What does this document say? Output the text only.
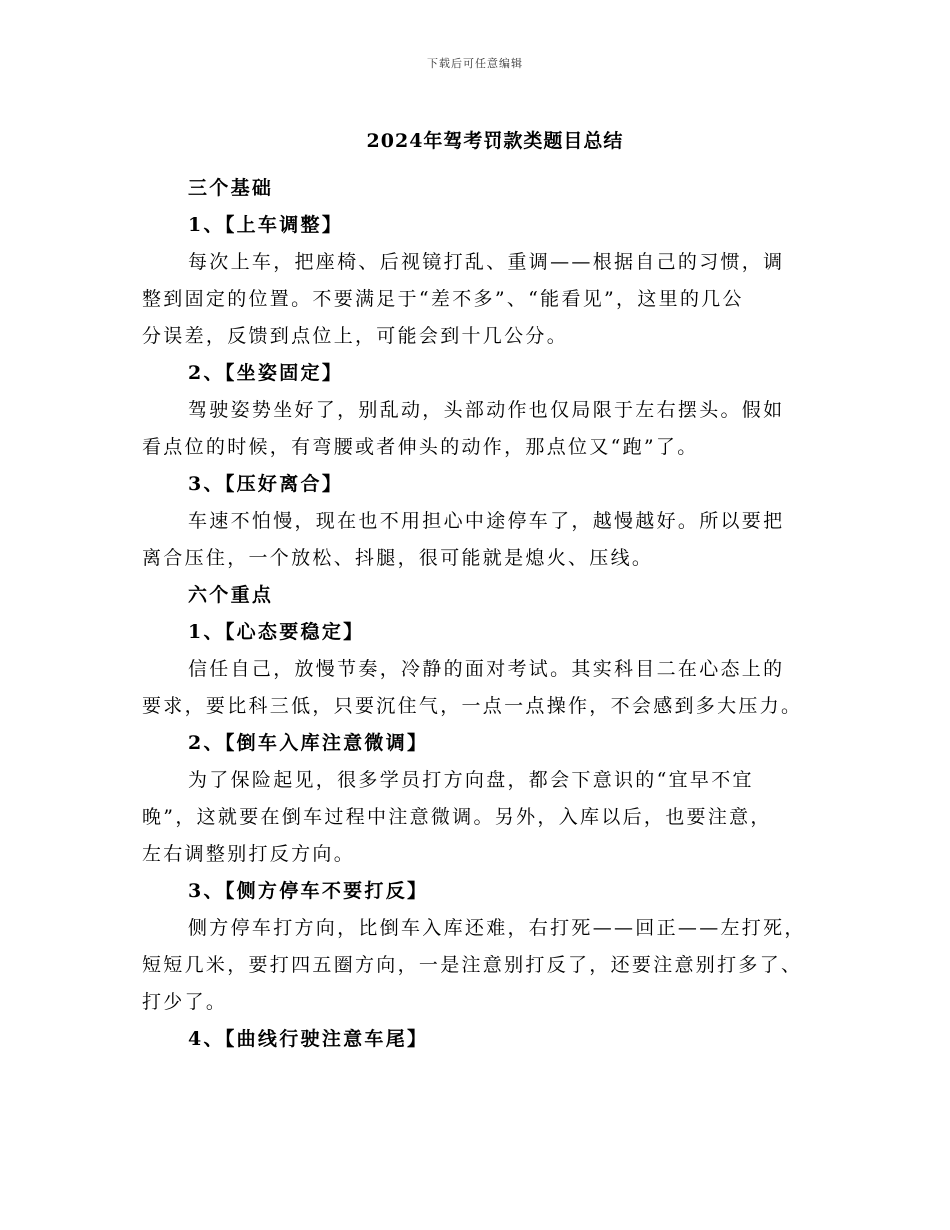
下载后可任意编辑
2024年驾考罚款类题目总结
三个基础
1、【上车调整】
每次上车，把座椅、后视镜打乱、重调——根据自己的习惯，调
整到固定的位置。不要满足于“差不多”、“能看见”，这里的几公
分误差，反馈到点位上，可能会到十几公分。
2、【坐姿固定】
驾驶姿势坐好了，别乱动，头部动作也仅局限于左右摆头。假如
看点位的时候，有弯腰或者伸头的动作，那点位又“跑”了。
3、【压好离合】
车速不怕慢，现在也不用担心中途停车了，越慢越好。所以要把
离合压住，一个放松、抖腿，很可能就是熄火、压线。
六个重点
1、【心态要稳定】
信任自己，放慢节奏，冷静的面对考试。其实科目二在心态上的
要求，要比科三低，只要沉住气，一点一点操作，不会感到多大压力。
2、【倒车入库注意微调】
为了保险起见，很多学员打方向盘，都会下意识的“宜早不宜
晚”，这就要在倒车过程中注意微调。另外，入库以后，也要注意，
左右调整别打反方向。
3、【侧方停车不要打反】
侧方停车打方向，比倒车入库还难，右打死——回正——左打死，
短短几米，要打四五圈方向，一是注意别打反了，还要注意别打多了、
打少了。
4、【曲线行驶注意车尾】
